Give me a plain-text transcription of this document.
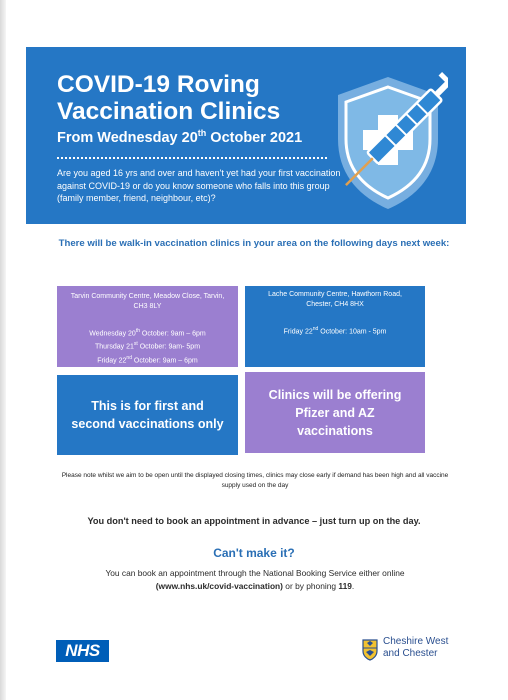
COVID-19 Roving
Vaccination Clinics
From Wednesday 20th October 2021
Are you aged 16 yrs and over and haven't yet had your first vaccination against COVID-19 or do you know someone who falls into this group (family member, friend, neighbour, etc)?
There will be walk-in vaccination clinics in your area on the following days next week:
Tarvin Community Centre, Meadow Close, Tarvin, CH3 8LY
Wednesday 20th October: 9am – 6pm
Thursday 21st October: 9am- 5pm
Friday 22nd October: 9am – 6pm
Lache Community Centre, Hawthorn Road, Chester, CH4 8HX
Friday 22nd October: 10am - 5pm
This is for first and second vaccinations only
Clinics will be offering Pfizer and AZ vaccinations
Please note whilst we aim to be open until the displayed closing times, clinics may close early if demand has been high and all vaccine supply used on the day
You don't need to book an appointment in advance – just turn up on the day.
Can't make it?
You can book an appointment through the National Booking Service either online
(www.nhs.uk/covid-vaccination) or by phoning 119.
NHS	Cheshire West
and Chester
